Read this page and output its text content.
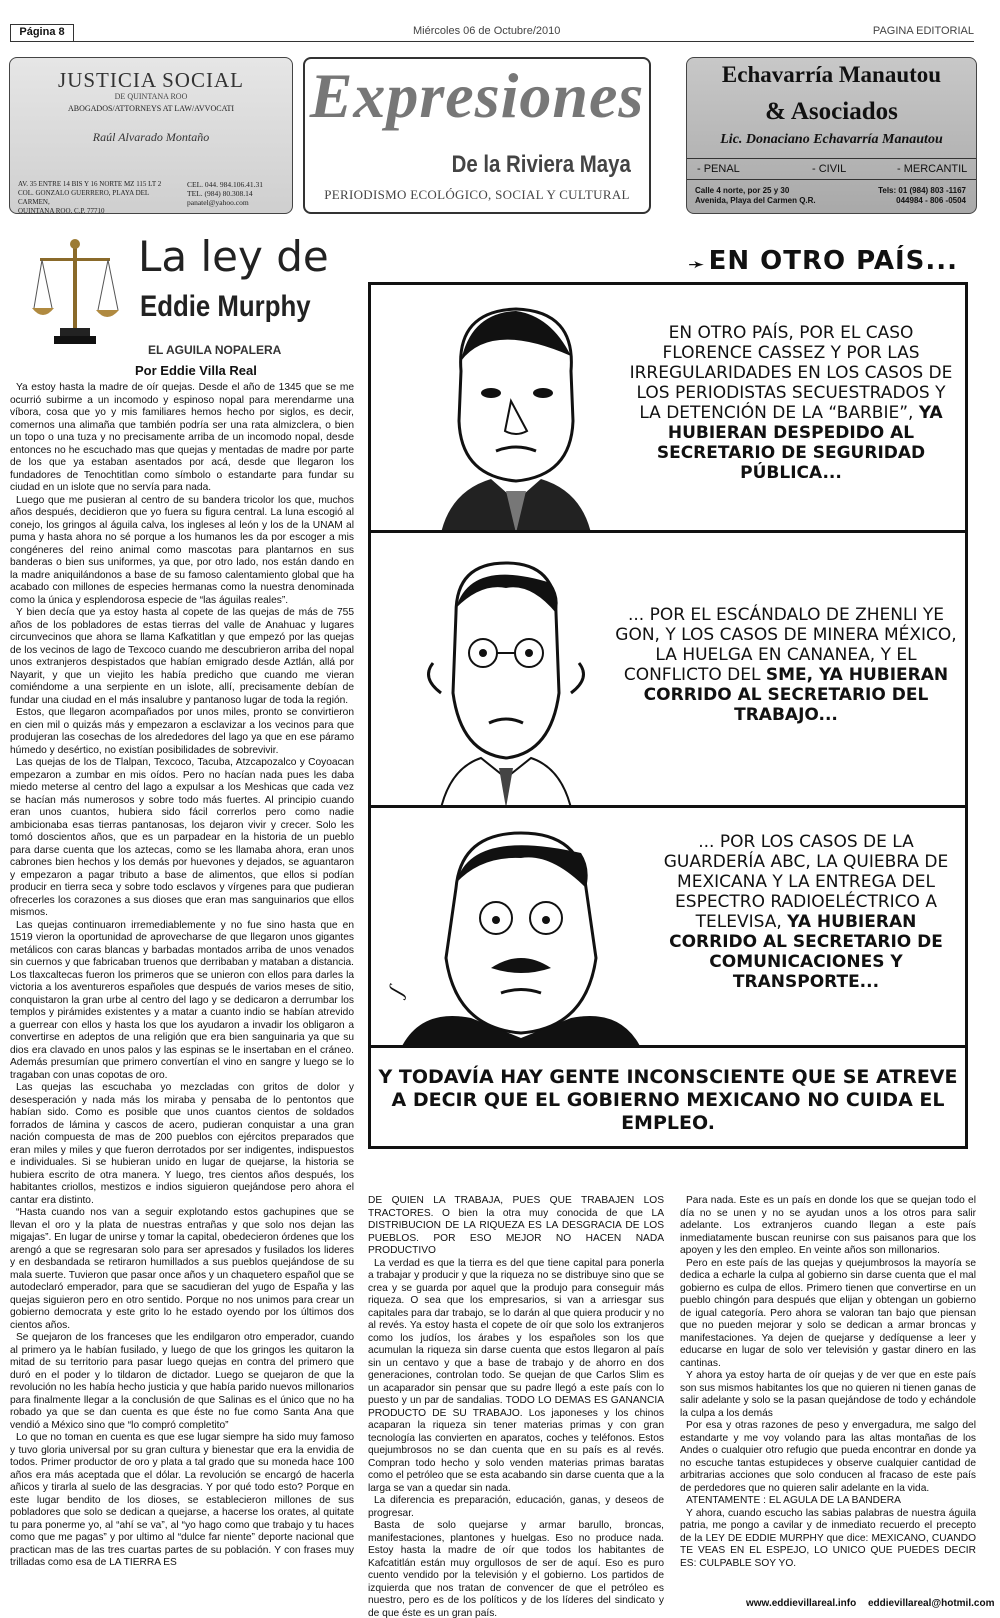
Página 8	Miércoles 06 de Octubre/2010	PAGINA EDITORIAL
JUSTICIA SOCIAL
DE QUINTANA ROO
ABOGADOS/ATTORNEYS AT LAW/AVVOCATI
Raúl Alvarado Montaño
AV. 35 ENTRE 14 BIS Y 16 NORTE MZ 115 LT 2
COL. GONZALO GUERRERO, PLAYA DEL CARMEN,
QUINTANA ROO, C.P. 77710
CEL. 044. 984.106.41.31
TEL. (984) 80.308.14
panatel@yahoo.com
Expresiones
De la Riviera Maya
PERIODISMO ECOLÓGICO, SOCIAL Y CULTURAL
Echavarría Manautou
& Asociados
Lic. Donaciano Echavarría Manautou
- PENAL	- CIVIL	- MERCANTIL
Calle 4 norte, por 25 y 30
Avenida, Playa del Carmen Q.R.
Tels: 01 (984) 803 -1167
044984 - 806 -0504
La ley de
Eddie Murphy
EL AGUILA NOPALERA
Por Eddie Villa Real

Ya estoy hasta la madre de oír quejas. Desde el año de 1345 que se me ocurrió subirme a un incomodo y espinoso nopal para merendarme una víbora, cosa que yo y mis familiares hemos hecho por siglos, es decir, comernos una alimaña que también podría ser una rata almizclera, o bien un topo o una tuza y no precisamente arriba de un incomodo nopal, desde entonces no he escuchado mas que quejas y mentadas de madre por parte de los que ya estaban asentados por acá, desde que llegaron los fundadores de Tenochtitlan como símbolo o estandarte para fundar su ciudad en un islote que no servía para nada.

Luego que me pusieran al centro de su bandera tricolor los que, muchos años después, decidieron que yo fuera su figura central. La luna escogió al conejo, los gringos al águila calva, los ingleses al león y los de la UNAM al puma y hasta ahora no sé porque a los humanos les da por escoger a mis congéneres del reino animal como mascotas para plantarnos en sus banderas o bien sus uniformes, ya que, por otro lado, nos están dando en la madre aniquilándonos a base de su famoso calentamiento global que ha acabado con millones de especies hermanas como la nuestra denominada como la única y esplendorosa especie de “las águilas reales”.

Y bien decía que ya estoy hasta al copete de las quejas de más de 755 años de los pobladores de estas tierras del valle de Anahuac y lugares circunvecinos que ahora se llama Kafkatitlan y que empezó por las quejas de los vecinos de lago de Texcoco cuando me descubrieron arriba del nopal unos extranjeros despistados que habían emigrado desde Aztlán, allá por Nayarit, y que un viejito les había predicho que cuando me vieran comiéndome a una serpiente en un islote, allí, precisamente debían de fundar una ciudad en el más insalubre y pantanoso lugar de toda la región.

Estos, que llegaron acompañados por unos miles, pronto se convirtieron en cien mil o quizás más y empezaron a esclavizar a los vecinos para que produjeran las cosechas de los alrededores del lago ya que en ese páramo húmedo y desértico, no existían posibilidades de sobrevivir.

Las quejas de los de Tlalpan, Texcoco, Tacuba, Atzcapozalco y Coyoacan empezaron a zumbar en mis oídos. Pero no hacían nada pues les daba miedo meterse al centro del lago a expulsar a los Meshicas que cada vez se hacían más numerosos y sobre todo más fuertes. Al principio cuando eran unos cuantos, hubiera sido fácil correrlos pero como nadie ambicionaba esas tierras pantanosas, los dejaron vivir y crecer. Solo les tomó doscientos años, que es un parpadear en la historia de un pueblo para darse cuenta que los aztecas, como se les llamaba ahora, eran unos cabrones bien hechos y los demás por huevones y dejados, se aguantaron y empezaron a pagar tributo a base de alimentos, que ellos si podían producir en tierra seca y sobre todo esclavos y vírgenes para que pudieran ofrecerles los corazones a sus dioses que eran mas sanguinarios que ellos mismos.

Las quejas continuaron irremediablemente y no fue sino hasta que en 1519 vieron la oportunidad de aprovecharse de que llegaron unos gigantes metálicos con caras blancas y barbadas montados arriba de unos venados sin cuernos y que fabricaban truenos que derribaban y mataban a distancia. Los tlaxcaltecas fueron los primeros que se unieron con ellos para darles la victoria a los aventureros españoles que después de varios meses de sitio, conquistaron la gran urbe al centro del lago y se dedicaron a derrumbar los templos y pirámides existentes y a matar a cuanto indio se habían atrevido a guerrear con ellos y hasta los que los ayudaron a invadir los obligaron a convertirse en adeptos de una religión que era bien sanguinaria ya que su dios era clavado en unos palos y las espinas se le insertaban en el cráneo. Además presumían que primero convertían el vino en sangre y luego se lo tragaban con unas copotas de oro.

Las quejas las escuchaba yo mezcladas con gritos de dolor y desesperación y nada más los miraba y pensaba de lo pentontos que habían sido. Como es posible que unos cuantos cientos de soldados forrados de lámina y cascos de acero, pudieran conquistar a una gran nación compuesta de mas de 200 pueblos con ejércitos preparados que eran miles y miles y que fueron derrotados por ser indigentes, indispuestos e individuales. Si se hubieran unido en lugar de quejarse, la historia se hubiera escrito de otra manera. Y luego, tres cientos años después, los habitantes criollos, mestizos e indios siguieron quejándose pero ahora el cantar era distinto.

“Hasta cuando nos van a seguir explotando estos gachupines que se llevan el oro y la plata de nuestras entrañas y que solo nos dejan las migajas”. En lugar de unirse y tomar la capital, obedecieron órdenes que los arengó a que se regresaran solo para ser apresados y fusilados los lideres y en desbandada se retiraron humillados a sus pueblos quejándose de su mala suerte. Tuvieron que pasar once años y un chaquetero español que se autodeclaró emperador, para que se sacudieran del yugo de España y las quejas siguieron pero en otro sentido. Porque no nos unimos para crear un gobierno democrata y este grito lo he estado oyendo por los últimos dos cientos años.

Se quejaron de los franceses que les endilgaron otro emperador, cuando al primero ya le habían fusilado, y luego de que los gringos les quitaron la mitad de su territorio para pasar luego quejas en contra del primero que duró en el poder y lo tildaron de dictador. Luego se quejaron de que la revolución no les había hecho justicia y que había parido nuevos millonarios para finalmente llegar a la conclusión de que Salinas es el único que no ha robado ya que se dan cuenta es que éste no fue como Santa Ana que vendió a México sino que “lo compró completito”

Lo que no toman en cuenta es que ese lugar siempre ha sido muy famoso y tuvo gloria universal por su gran cultura y bienestar que era la envidia de todos. Primer productor de oro y plata a tal grado que su moneda hace 100 años era más aceptada que el dólar. La revolución se encargó de hacerla añicos y tirarla al suelo de las desgracias. Y por qué todo esto? Porque en este lugar bendito de los dioses, se establecieron millones de sus pobladores que solo se dedican a quejarse, a hacerse los orates, al quitate tu para ponerme yo, al “ahí se va”, al “yo hago como que trabajo y tu haces como que me pagas” y por ultimo al “dulce far niente” deporte nacional que practican mas de las tres cuartas partes de su población. Y con frases muy trilladas como esa de LA TIERRA ES

➛ EN OTRO PAÍS...
EN OTRO PAÍS, POR EL CASO FLORENCE CASSEZ Y POR LAS IRREGULARIDADES EN LOS CASOS DE LOS PERIODISTAS SECUESTRADOS Y LA DETENCIÓN DE LA “BARBIE”, YA HUBIERAN DESPEDIDO AL SECRETARIO DE SEGURIDAD PÚBLICA...
... POR EL ESCÁNDALO DE ZHENLI YE GON, Y LOS CASOS DE MINERA MÉXICO, LA HUELGA EN CANANEA, Y EL CONFLICTO DEL SME, YA HUBIERAN CORRIDO AL SECRETARIO DEL TRABAJO...
ʃ
... POR LOS CASOS DE LA GUARDERÍA ABC, LA QUIEBRA DE MEXICANA Y LA ENTREGA DEL ESPECTRO RADIOELÉCTRICO A TELEVISA, YA HUBIERAN CORRIDO AL SECRETARIO DE COMUNICACIONES Y TRANSPORTE...
Y TODAVÍA HAY GENTE INCONSCIENTE QUE SE ATREVE A DECIR QUE EL GOBIERNO MEXICANO NO CUIDA EL EMPLEO.

DE QUIEN LA TRABAJA, PUES QUE TRABAJEN LOS TRACTORES. O bien la otra muy conocida de que LA DISTRIBUCION DE LA RIQUEZA ES LA DESGRACIA DE LOS PUEBLOS. POR ESO MEJOR NO HACEN NADA PRODUCTIVO

La verdad es que la tierra es del que tiene capital para ponerla a trabajar y producir y que la riqueza no se distribuye sino que se crea y se guarda por aquel que la produjo para conseguir más riqueza. O sea que los empresarios, si van a arriesgar sus capitales para dar trabajo, se lo darán al que quiera producir y no al revés. Ya estoy hasta el copete de oír que solo los extranjeros como los judíos, los árabes y los españoles son los que acumulan la riqueza sin darse cuenta que estos llegaron al país sin un centavo y que a base de trabajo y de ahorro en dos generaciones, controlan todo. Se quejan de que Carlos Slim es un acaparador sin pensar que su padre llegó a este país con lo puesto y un par de sandalias. TODO LO DEMAS ES GANANCIA PRODUCTO DE SU TRABAJO. Los japoneses y los chinos acaparan la riqueza sin tener materias primas y con gran tecnología las convierten en aparatos, coches y teléfonos. Estos quejumbrosos no se dan cuenta que en su país es al revés. Compran todo hecho y solo venden materias primas baratas como el petróleo que se esta acabando sin darse cuenta que a la larga se van a quedar sin nada.

La diferencia es preparación, educación, ganas, y deseos de progresar.

Basta de solo quejarse y armar barullo, broncas, manifestaciones, plantones y huelgas. Eso no produce nada. Estoy hasta la madre de oír que todos los habitantes de Kafcatitlán están muy orgullosos de ser de aquí. Eso es puro cuento vendido por la televisión y el gobierno. Los partidos de izquierda que nos tratan de convencer de que el petróleo es nuestro, pero es de los políticos y de los líderes del sindicato y de que éste es un gran país.

Para nada. Este es un país en donde los que se quejan todo el día no se unen y no se ayudan unos a los otros para salir adelante. Los extranjeros cuando llegan a este país inmediatamente buscan reunirse con sus paisanos para que los apoyen y les den empleo. En veinte años son millonarios.

Pero en este país de las quejas y quejumbrosos la mayoría se dedica a echarle la culpa al gobierno sin darse cuenta que el mal gobierno es culpa de ellos. Primero tienen que convertirse en un pueblo chingón para después que elijan y obtengan un gobierno de igual categoría. Pero ahora se valoran tan bajo que piensan que no pueden mejorar y solo se dedican a armar broncas y manifestaciones. Ya dejen de quejarse y dedíquense a leer y educarse en lugar de solo ver televisión y gastar dinero en las cantinas.

Y ahora ya estoy harta de oír quejas y de ver que en este país son sus mismos habitantes los que no quieren ni tienen ganas de salir adelante y solo se la pasan quejándose de todo y echándole la culpa a los demás

Por esa y otras razones de peso y envergadura, me salgo del estandarte y me voy volando para las altas montañas de los Andes o cualquier otro refugio que pueda encontrar en donde ya no escuche tantas estupideces y observe cualquier cantidad de arbitrarias acciones que solo conducen al fracaso de este país de perdedores que no quieren salir adelante en la vida.

ATENTAMENTE : EL AGULA DE LA BANDERA

Y ahora, cuando escucho las sabias palabras de nuestra águila patria, me pongo a cavilar y de inmediato recuerdo el precepto de la LEY DE EDDIE MURPHY que dice: MEXICANO, CUANDO TE VEAS EN EL ESPEJO, LO UNICO QUE PUEDES DECIR ES: CULPABLE SOY YO.

www.eddievillareal.info eddievillareal@hotmil.com
